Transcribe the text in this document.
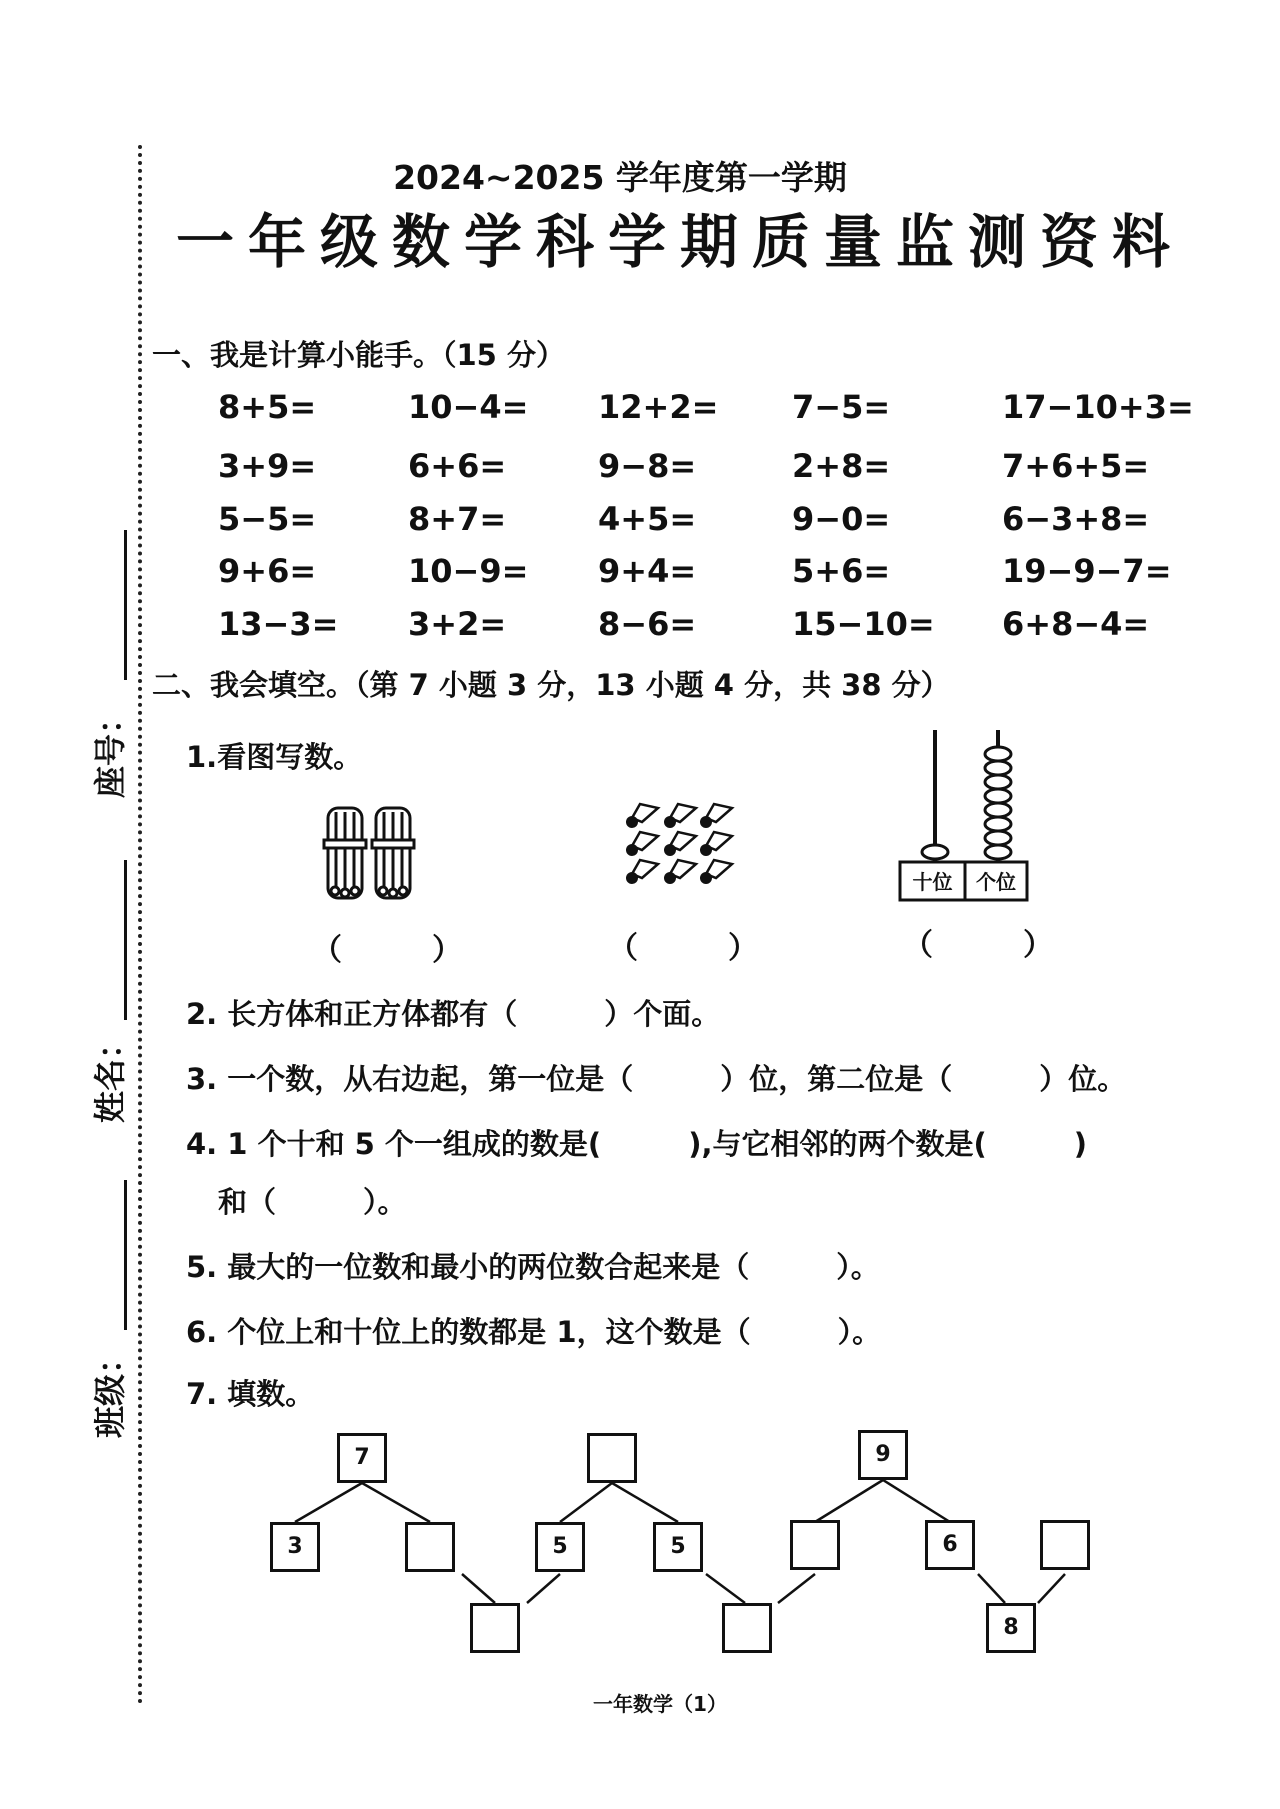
座号：
姓名：
班级：
2024~2025 学年度第一学期
一年级数学科学期质量监测资料
一、我是计算小能手。（15 分）
8+5=	10−4= 12+2= 7−5=	17−10+3=
3+9=	6+6=	9−8=	2+8=	7+6+5=
5−5=	8+7=	4+5=	9−0=	6−3+8=
9+6=	10−9= 9+4=	5+6=	19−9−7=
13−3= 3+2=	8−6=	15−10= 6+8−4=
二、我会填空。（第 7 小题 3 分，13 小题 4 分，共 38 分）
1.看图写数。
十位	个位
（　　　）	（　　　）	（　　　）
2. 长方体和正方体都有（　　　）个面。
3. 一个数，从右边起，第一位是（　　　）位，第二位是（　　　）位。
4. 1 个十和 5 个一组成的数是(　　　),与它相邻的两个数是(　　　)
和（　　　）。
5. 最大的一位数和最小的两位数合起来是（　　　）。
6. 个位上和十位上的数都是 1，这个数是（　　　）。
7. 填数。
7	9
3	5	5	6
8
一年数学（1）
